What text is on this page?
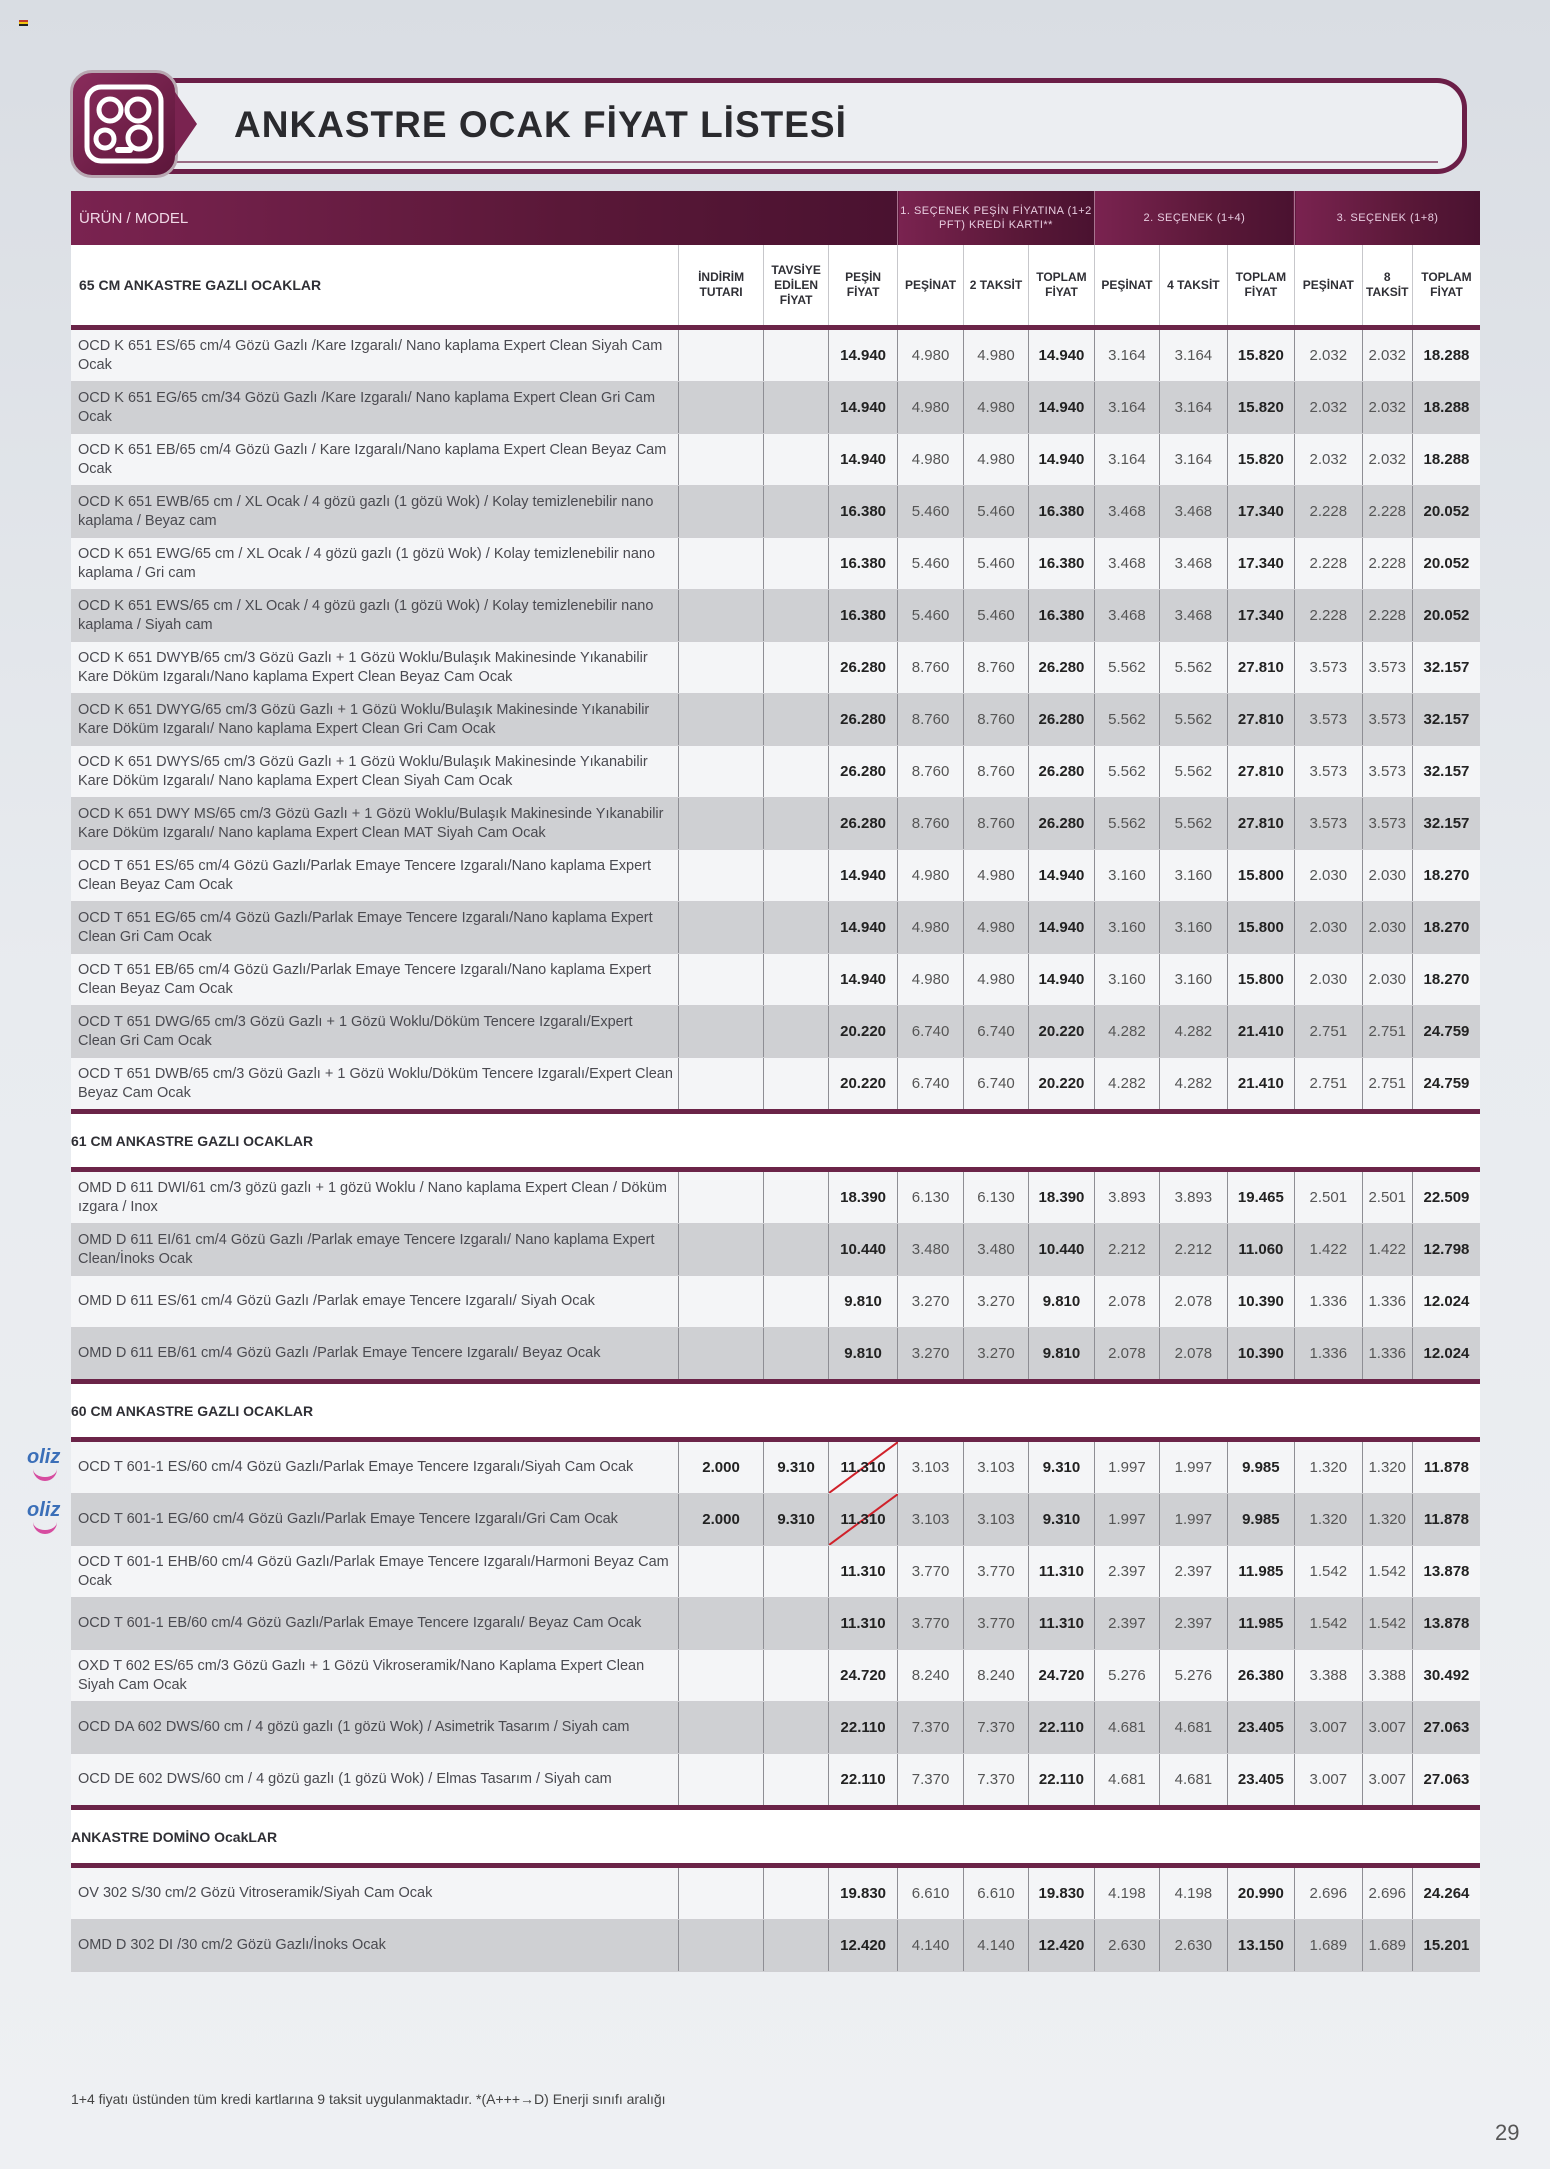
ANKASTRE OCAK FİYAT LİSTESİ
ÜRÜN / MODEL				1. SEÇENEK PEŞİN FİYATINA (1+2 PFT) KREDİ KARTI**			2. SEÇENEK (1+4)			3. SEÇENEK (1+8)		
65 CM ANKASTRE GAZLI OCAKLAR	İNDİRİM TUTARI	TAVSİYE EDİLEN FİYAT	PEŞİN FİYAT	PEŞİNAT	2 TAKSİT	TOPLAM FİYAT	PEŞİNAT	4 TAKSİT	TOPLAM FİYAT	PEŞİNAT	8 TAKSİT	TOPLAM FİYAT
OCD K 651 ES/65 cm/4 Gözü Gazlı /Kare Izgaralı/ Nano kaplama Expert Clean Siyah Cam Ocak			14.940	4.980	4.980	14.940	3.164	3.164	15.820	2.032	2.032	18.288
OCD K 651 EG/65 cm/34 Gözü Gazlı /Kare Izgaralı/ Nano kaplama Expert Clean Gri Cam Ocak			14.940	4.980	4.980	14.940	3.164	3.164	15.820	2.032	2.032	18.288
OCD K 651 EB/65 cm/4 Gözü Gazlı / Kare Izgaralı/Nano kaplama Expert Clean Beyaz Cam Ocak			14.940	4.980	4.980	14.940	3.164	3.164	15.820	2.032	2.032	18.288
OCD K 651 EWB/65 cm / XL Ocak / 4 gözü gazlı (1 gözü Wok) / Kolay temizlenebilir nano kaplama / Beyaz cam			16.380	5.460	5.460	16.380	3.468	3.468	17.340	2.228	2.228	20.052
OCD K 651 EWG/65 cm / XL Ocak / 4 gözü gazlı (1 gözü Wok) / Kolay temizlenebilir nano kaplama / Gri cam			16.380	5.460	5.460	16.380	3.468	3.468	17.340	2.228	2.228	20.052
OCD K 651 EWS/65 cm / XL Ocak / 4 gözü gazlı (1 gözü Wok) / Kolay temizlenebilir nano kaplama / Siyah cam			16.380	5.460	5.460	16.380	3.468	3.468	17.340	2.228	2.228	20.052
OCD K 651 DWYB/65 cm/3 Gözü Gazlı + 1 Gözü Woklu/Bulaşık Makinesinde Yıkanabilir Kare Döküm Izgaralı/Nano kaplama Expert Clean Beyaz Cam Ocak			26.280	8.760	8.760	26.280	5.562	5.562	27.810	3.573	3.573	32.157
OCD K 651 DWYG/65 cm/3 Gözü Gazlı + 1 Gözü Woklu/Bulaşık Makinesinde Yıkanabilir Kare Döküm Izgaralı/ Nano kaplama Expert Clean Gri Cam Ocak			26.280	8.760	8.760	26.280	5.562	5.562	27.810	3.573	3.573	32.157
OCD K 651 DWYS/65 cm/3 Gözü Gazlı + 1 Gözü Woklu/Bulaşık Makinesinde Yıkanabilir Kare Döküm Izgaralı/ Nano kaplama Expert Clean Siyah Cam Ocak			26.280	8.760	8.760	26.280	5.562	5.562	27.810	3.573	3.573	32.157
OCD K 651 DWY MS/65 cm/3 Gözü Gazlı + 1 Gözü Woklu/Bulaşık Makinesinde Yıkanabilir Kare Döküm Izgaralı/ Nano kaplama Expert Clean MAT Siyah Cam Ocak			26.280	8.760	8.760	26.280	5.562	5.562	27.810	3.573	3.573	32.157
OCD T 651 ES/65 cm/4 Gözü Gazlı/Parlak Emaye Tencere Izgaralı/Nano kaplama Expert Clean Beyaz Cam Ocak			14.940	4.980	4.980	14.940	3.160	3.160	15.800	2.030	2.030	18.270
OCD T 651 EG/65 cm/4 Gözü Gazlı/Parlak Emaye Tencere Izgaralı/Nano kaplama Expert Clean Gri Cam Ocak			14.940	4.980	4.980	14.940	3.160	3.160	15.800	2.030	2.030	18.270
OCD T 651 EB/65 cm/4 Gözü Gazlı/Parlak Emaye Tencere Izgaralı/Nano kaplama Expert Clean Beyaz Cam Ocak			14.940	4.980	4.980	14.940	3.160	3.160	15.800	2.030	2.030	18.270
OCD T 651 DWG/65 cm/3 Gözü Gazlı + 1 Gözü Woklu/Döküm Tencere Izgaralı/Expert Clean Gri Cam Ocak			20.220	6.740	6.740	20.220	4.282	4.282	21.410	2.751	2.751	24.759
OCD T 651 DWB/65 cm/3 Gözü Gazlı + 1 Gözü Woklu/Döküm Tencere Izgaralı/Expert Clean Beyaz Cam Ocak			20.220	6.740	6.740	20.220	4.282	4.282	21.410	2.751	2.751	24.759
61 CM ANKASTRE GAZLI OCAKLAR												
OMD D 611 DWI/61 cm/3 gözü gazlı + 1 gözü Woklu / Nano kaplama Expert Clean / Döküm ızgara / Inox			18.390	6.130	6.130	18.390	3.893	3.893	19.465	2.501	2.501	22.509
OMD D 611 EI/61 cm/4 Gözü Gazlı /Parlak emaye Tencere Izgaralı/ Nano kaplama Expert Clean/İnoks Ocak			10.440	3.480	3.480	10.440	2.212	2.212	11.060	1.422	1.422	12.798
OMD D 611 ES/61 cm/4 Gözü Gazlı /Parlak emaye Tencere Izgaralı/ Siyah Ocak			9.810	3.270	3.270	9.810	2.078	2.078	10.390	1.336	1.336	12.024
OMD D 611 EB/61 cm/4 Gözü Gazlı /Parlak Emaye Tencere Izgaralı/ Beyaz Ocak			9.810	3.270	3.270	9.810	2.078	2.078	10.390	1.336	1.336	12.024
60 CM ANKASTRE GAZLI OCAKLAR												
OCD T 601-1 ES/60 cm/4 Gözü Gazlı/Parlak Emaye Tencere Izgaralı/Siyah Cam Ocak	2.000	9.310	11.310	3.103	3.103	9.310	1.997	1.997	9.985	1.320	1.320	11.878
OCD T 601-1 EG/60 cm/4 Gözü Gazlı/Parlak Emaye Tencere Izgaralı/Gri Cam Ocak	2.000	9.310	11.310	3.103	3.103	9.310	1.997	1.997	9.985	1.320	1.320	11.878
OCD T 601-1 EHB/60 cm/4 Gözü Gazlı/Parlak Emaye Tencere Izgaralı/Harmoni Beyaz Cam Ocak			11.310	3.770	3.770	11.310	2.397	2.397	11.985	1.542	1.542	13.878
OCD T 601-1 EB/60 cm/4 Gözü Gazlı/Parlak Emaye Tencere Izgaralı/ Beyaz Cam Ocak			11.310	3.770	3.770	11.310	2.397	2.397	11.985	1.542	1.542	13.878
OXD T 602 ES/65 cm/3 Gözü Gazlı + 1 Gözü Vikroseramik/Nano Kaplama Expert Clean Siyah Cam Ocak			24.720	8.240	8.240	24.720	5.276	5.276	26.380	3.388	3.388	30.492
OCD DA 602 DWS/60 cm / 4 gözü gazlı (1 gözü Wok) / Asimetrik Tasarım / Siyah cam			22.110	7.370	7.370	22.110	4.681	4.681	23.405	3.007	3.007	27.063
OCD DE 602 DWS/60 cm / 4 gözü gazlı (1 gözü Wok) / Elmas Tasarım / Siyah cam			22.110	7.370	7.370	22.110	4.681	4.681	23.405	3.007	3.007	27.063
ANKASTRE DOMİNO OcakLAR												
OV 302 S/30 cm/2 Gözü Vitroseramik/Siyah Cam Ocak			19.830	6.610	6.610	19.830	4.198	4.198	20.990	2.696	2.696	24.264
OMD D 302 DI /30 cm/2 Gözü Gazlı/İnoks Ocak			12.420	4.140	4.140	12.420	2.630	2.630	13.150	1.689	1.689	15.201
oliz
oliz
1+4 fiyatı üstünden tüm kredi kartlarına 9 taksit uygulanmaktadır. *(A+++→D) Enerji sınıfı aralığı
29
